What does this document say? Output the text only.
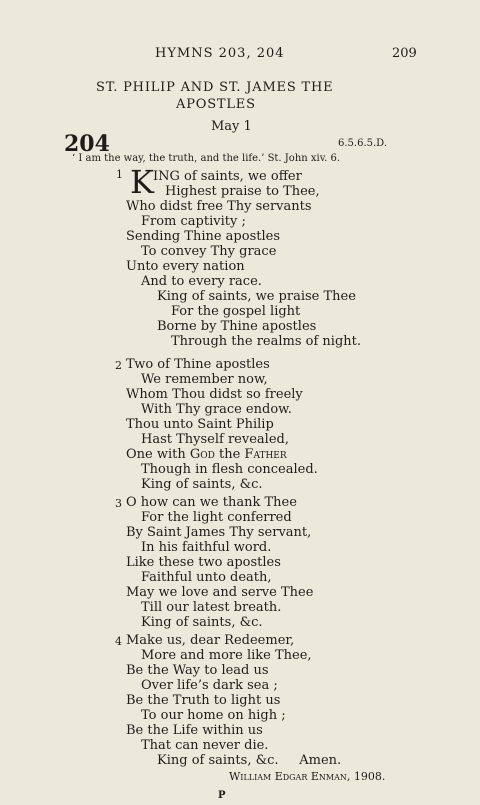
HYMNS 203, 204	209
ST. PHILIP AND ST. JAMES THE
APOSTLES
May 1
204	6.5.6.5.D.
‘ I am the way, the truth, and the life.’ St. John xiv. 6.
1 K ING of saints, we offer
Highest praise to Thee,
Who didst free Thy servants
From captivity ;
Sending Thine apostles
To convey Thy grace
Unto every nation
And to every race.
King of saints, we praise Thee
For the gospel light
Borne by Thine apostles
Through the realms of night.
2 Two of Thine apostles
We remember now,
Whom Thou didst so freely
With Thy grace endow.
Thou unto Saint Philip
Hast Thyself revealed,
One with God the Father
Though in flesh concealed.
King of saints, &c.
3 O how can we thank Thee
For the light conferred
By Saint James Thy servant,
In his faithful word.
Like these two apostles
Faithful unto death,
May we love and serve Thee
Till our latest breath.
King of saints, &c.
4 Make us, dear Redeemer,
More and more like Thee,
Be the Way to lead us
Over life’s dark sea ;
Be the Truth to light us
To our home on high ;
Be the Life within us
That can never die.
King of saints, &c.     Amen.
William Edgar Enman, 1908.
P
